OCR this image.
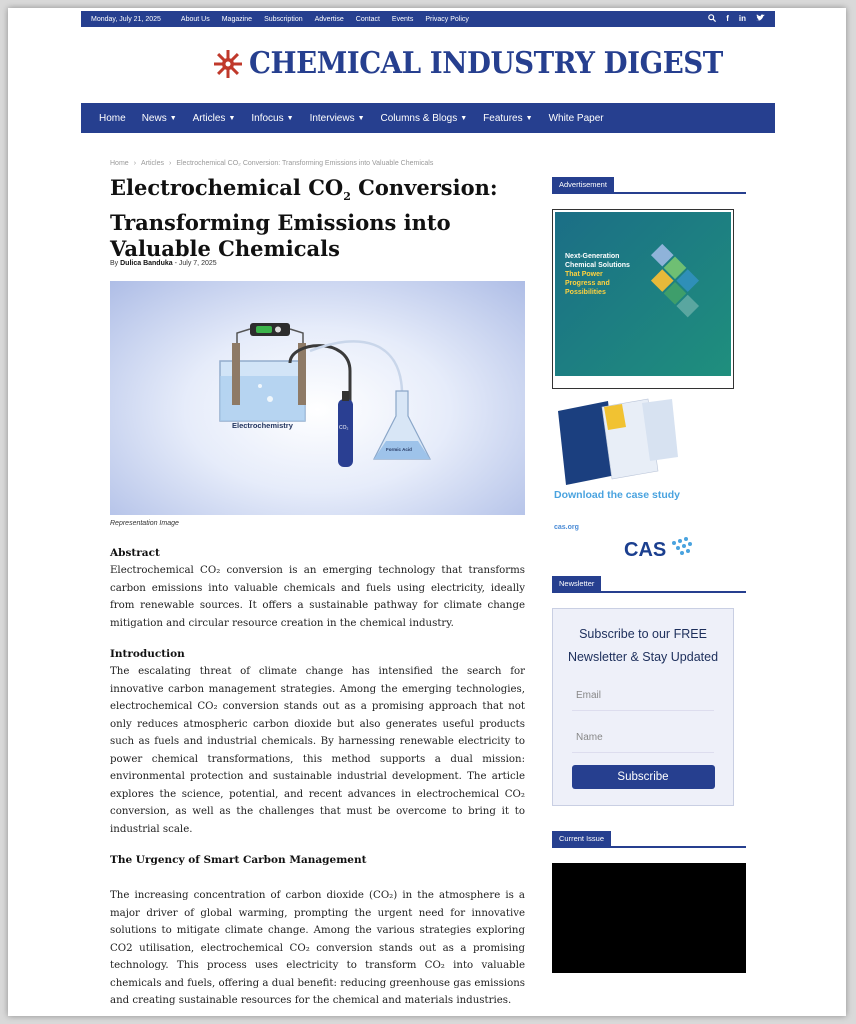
Monday, July 21, 2025	About Us Magazine Subscription Advertise Contact Events Privacy Policy	f in
CHEMICAL INDUSTRY DIGEST
Home News ▼ Articles ▼ Infocus ▼ Interviews ▼ Columns & Blogs ▼ Features ▼ White Paper
Home › Articles › Electrochemical CO₂ Conversion: Transforming Emissions into Valuable Chemicals
Electrochemical $CO_2$ Conversion: Transforming Emissions into Valuable Chemicals
By Dulica Banduka - July 7, 2025
Electrochemistry	CO₂
Formic Acid
Representation Image
Abstract

Electrochemical CO₂ conversion is an emerging technology that transforms carbon emissions into valuable chemicals and fuels using electricity, ideally from renewable sources. It offers a sustainable pathway for climate change mitigation and circular resource creation in the chemical industry.

Introduction

The escalating threat of climate change has intensified the search for innovative carbon management strategies. Among the emerging technologies, electrochemical CO₂ conversion stands out as a promising approach that not only reduces atmospheric carbon dioxide but also generates useful products such as fuels and industrial chemicals. By harnessing renewable electricity to power chemical transformations, this method supports a dual mission: environmental protection and sustainable industrial development. The article explores the science, potential, and recent advances in electrochemical CO₂ conversion, as well as the challenges that must be overcome to bring it to industrial scale.

The Urgency of Smart Carbon Management

The increasing concentration of carbon dioxide (CO₂) in the atmosphere is a major driver of global warming, prompting the urgent need for innovative solutions to mitigate climate change. Among the various strategies exploring CO2 utilisation, electrochemical CO₂ conversion stands out as a promising technology. This process uses electricity to transform CO₂ into valuable chemicals and fuels, offering a dual benefit: reducing greenhouse gas emissions and creating sustainable resources for the chemical and materials industries.

Advertisement
Next-Generation Chemical Solutions
That Power Progress and Possibilities
Download the case study
cas.org
CAS
Newsletter
Subscribe to our FREE Newsletter & Stay Updated
Email
Name
Subscribe
Current Issue
